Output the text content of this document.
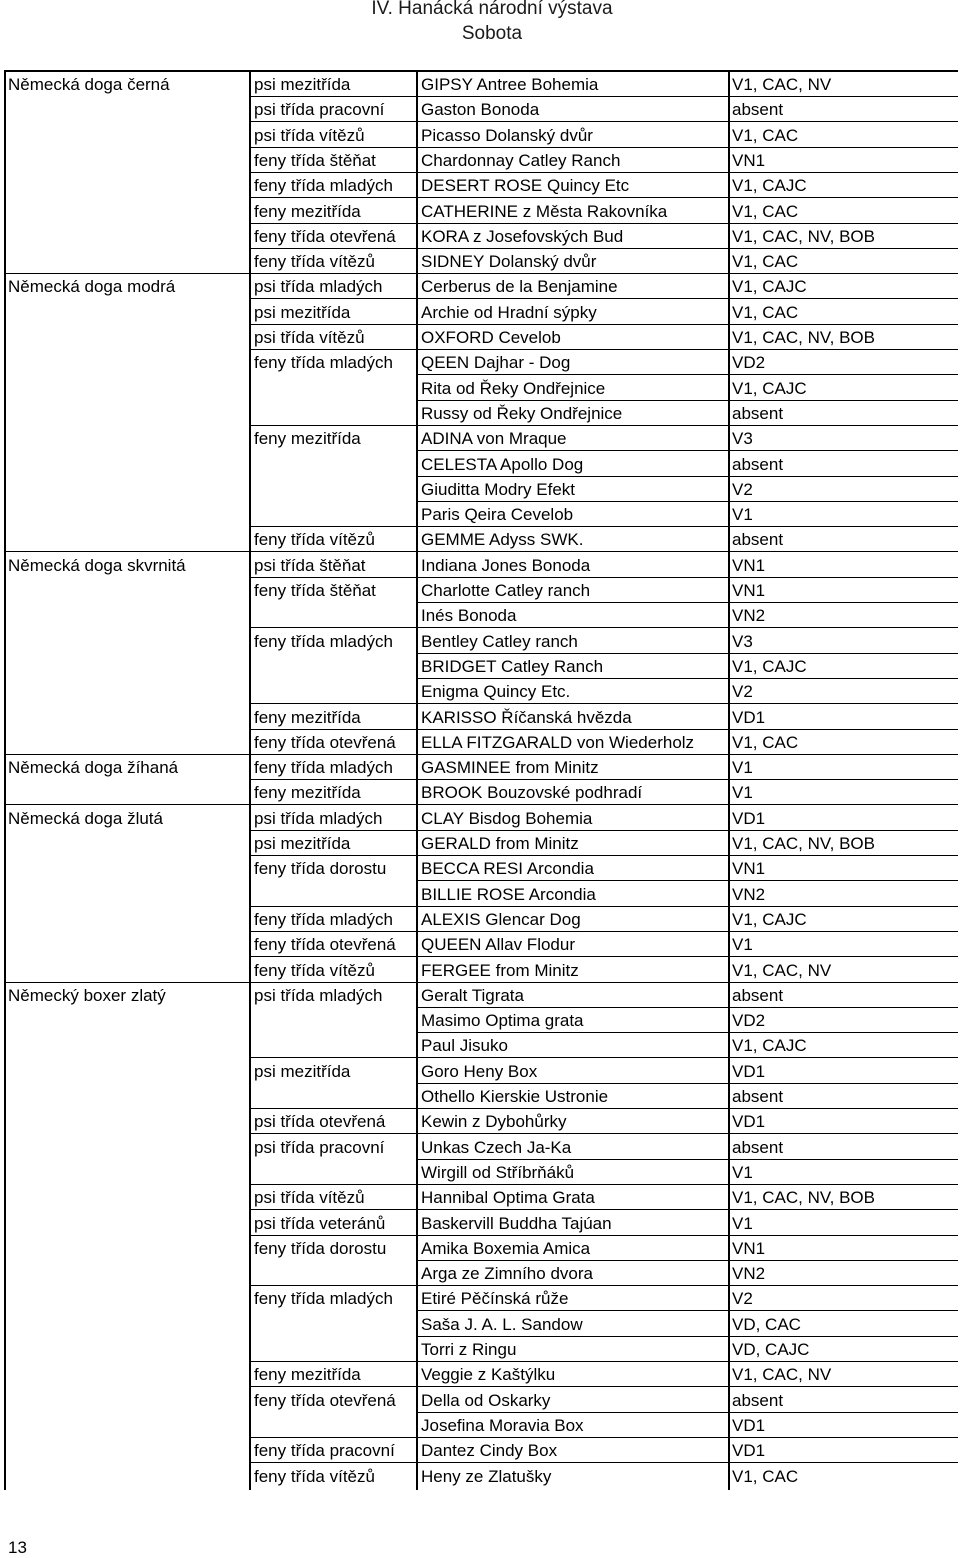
IV. Hanácká národní výstava
Sobota
Německá doga černá	psi mezitřída	GIPSY Antree Bohemia	V1, CAC, NV
psi třída pracovní	Gaston Bonoda	absent
psi třída vítězů	Picasso Dolanský dvůr	V1, CAC
feny třída štěňat	Chardonnay Catley Ranch	VN1
feny třída mladých	DESERT ROSE Quincy Etc	V1, CAJC
feny mezitřída	CATHERINE z Města Rakovníka	V1, CAC
feny třída otevřená	KORA z Josefovských Bud	V1, CAC, NV, BOB
feny třída vítězů	SIDNEY Dolanský dvůr	V1, CAC
Německá doga modrá	psi třída mladých	Cerberus de la Benjamine	V1, CAJC
psi mezitřída	Archie od Hradní sýpky	V1, CAC
psi třída vítězů	OXFORD Cevelob	V1, CAC, NV, BOB
feny třída mladých	QEEN Dajhar - Dog	VD2
Rita od Řeky Ondřejnice	V1, CAJC
Russy od Řeky Ondřejnice	absent
feny mezitřída	ADINA von Mraque	V3
CELESTA Apollo Dog	absent
Giuditta Modry Efekt	V2
Paris Qeira Cevelob	V1
feny třída vítězů	GEMME Adyss SWK.	absent
Německá doga skvrnitá	psi třída štěňat	Indiana Jones Bonoda	VN1
feny třída štěňat	Charlotte Catley ranch	VN1
Inés Bonoda	VN2
feny třída mladých	Bentley Catley ranch	V3
BRIDGET Catley Ranch	V1, CAJC
Enigma Quincy Etc.	V2
feny mezitřída	KARISSO Říčanská hvězda	VD1
feny třída otevřená	ELLA FITZGARALD von Wiederholz	V1, CAC
Německá doga žíhaná	feny třída mladých	GASMINEE from Minitz	V1
feny mezitřída	BROOK Bouzovské podhradí	V1
Německá doga žlutá	psi třída mladých	CLAY Bisdog Bohemia	VD1
psi mezitřída	GERALD from Minitz	V1, CAC, NV, BOB
feny třída dorostu	BECCA RESI Arcondia	VN1
BILLIE ROSE Arcondia	VN2
feny třída mladých	ALEXIS Glencar Dog	V1, CAJC
feny třída otevřená	QUEEN Allav Flodur	V1
feny třída vítězů	FERGEE from Minitz	V1, CAC, NV
Německý boxer zlatý	psi třída mladých	Geralt Tigrata	absent
Masimo Optima grata	VD2
Paul Jisuko	V1, CAJC
psi mezitřída	Goro Heny Box	VD1
Othello Kierskie Ustronie	absent
psi třída otevřená	Kewin z Dybohůrky	VD1
psi třída pracovní	Unkas Czech Ja-Ka	absent
Wirgill od Stříbrňáků	V1
psi třída vítězů	Hannibal Optima Grata	V1, CAC, NV, BOB
psi třída veteránů	Baskervill Buddha Tajúan	V1
feny třída dorostu	Amika Boxemia Amica	VN1
Arga ze Zimního dvora	VN2
feny třída mladých	Etiré Pěčínská růže	V2
Saša J. A. L. Sandow	VD, CAC
Torri z Ringu	VD, CAJC
feny mezitřída	Veggie z Kaštýlku	V1, CAC, NV
feny třída otevřená	Della od Oskarky	absent
Josefina Moravia Box	VD1
feny třída pracovní	Dantez Cindy Box	VD1
feny třída vítězů	Heny ze Zlatušky	V1, CAC
13
